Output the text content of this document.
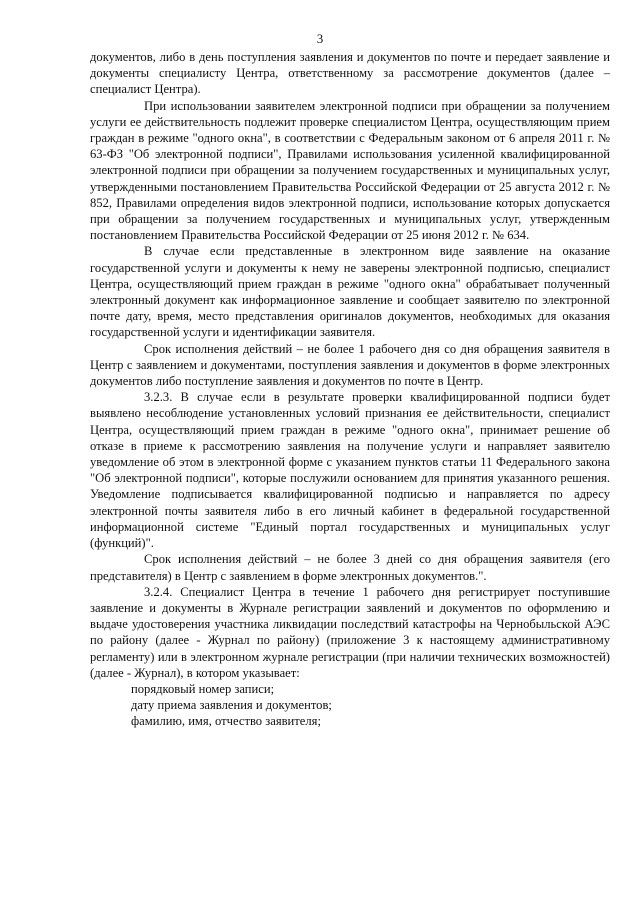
3

документов, либо в день поступления заявления и документов по почте и передает заявление и документы специалисту Центра, ответственному за рассмотрение документов (далее – специалист Центра).

При использовании заявителем электронной подписи при обращении за получением услуги ее действительность подлежит проверке специалистом Центра, осуществляющим прием граждан в режиме "одного окна", в соответствии с Федеральным законом от 6 апреля 2011 г. № 63-ФЗ "Об электронной подписи", Правилами использования усиленной квалифицированной электронной подписи при обращении за получением государственных и муниципальных услуг, утвержденными постановлением Правительства Российской Федерации от 25 августа 2012 г. № 852, Правилами определения видов электронной подписи, использование которых допускается при обращении за получением государственных и муниципальных услуг, утвержденным постановлением Правительства Российской Федерации от 25 июня 2012 г. № 634.

В случае если представленные в электронном виде заявление на оказание государственной услуги и документы к нему не заверены электронной подписью, специалист Центра, осуществляющий прием граждан в режиме "одного окна" обрабатывает полученный электронный документ как информационное заявление и сообщает заявителю по электронной почте дату, время, место представления оригиналов документов, необходимых для оказания государственной услуги и идентификации заявителя.

Срок исполнения действий – не более 1 рабочего дня со дня обращения заявителя в Центр с заявлением и документами, поступления заявления и документов в форме электронных документов либо поступление заявления и документов по почте в Центр.

3.2.3. В случае если в результате проверки квалифицированной подписи будет выявлено несоблюдение установленных условий признания ее действительности, специалист Центра, осуществляющий прием граждан в режиме "одного окна", принимает решение об отказе в приеме к рассмотрению заявления на получение услуги и направляет заявителю уведомление об этом в электронной форме с указанием пунктов статьи 11 Федерального закона "Об электронной подписи", которые послужили основанием для принятия указанного решения. Уведомление подписывается квалифицированной подписью и направляется по адресу электронной почты заявителя либо в его личный кабинет в федеральной государственной информационной системе "Единый портал государственных и муниципальных услуг (функций)".

Срок исполнения действий – не более 3 дней со дня обращения заявителя (его представителя) в Центр с заявлением в форме электронных документов.".

3.2.4. Специалист Центра в течение 1 рабочего дня регистрирует поступившие заявление и документы в Журнале регистрации заявлений и документов по оформлению и выдаче удостоверения участника ликвидации последствий катастрофы на Чернобыльской АЭС по району (далее - Журнал по району) (приложение 3 к настоящему административному регламенту) или в электронном журнале регистрации (при наличии технических возможностей) (далее - Журнал), в котором указывает:

порядковый номер записи;
дату приема заявления и документов;
фамилию, имя, отчество заявителя;
